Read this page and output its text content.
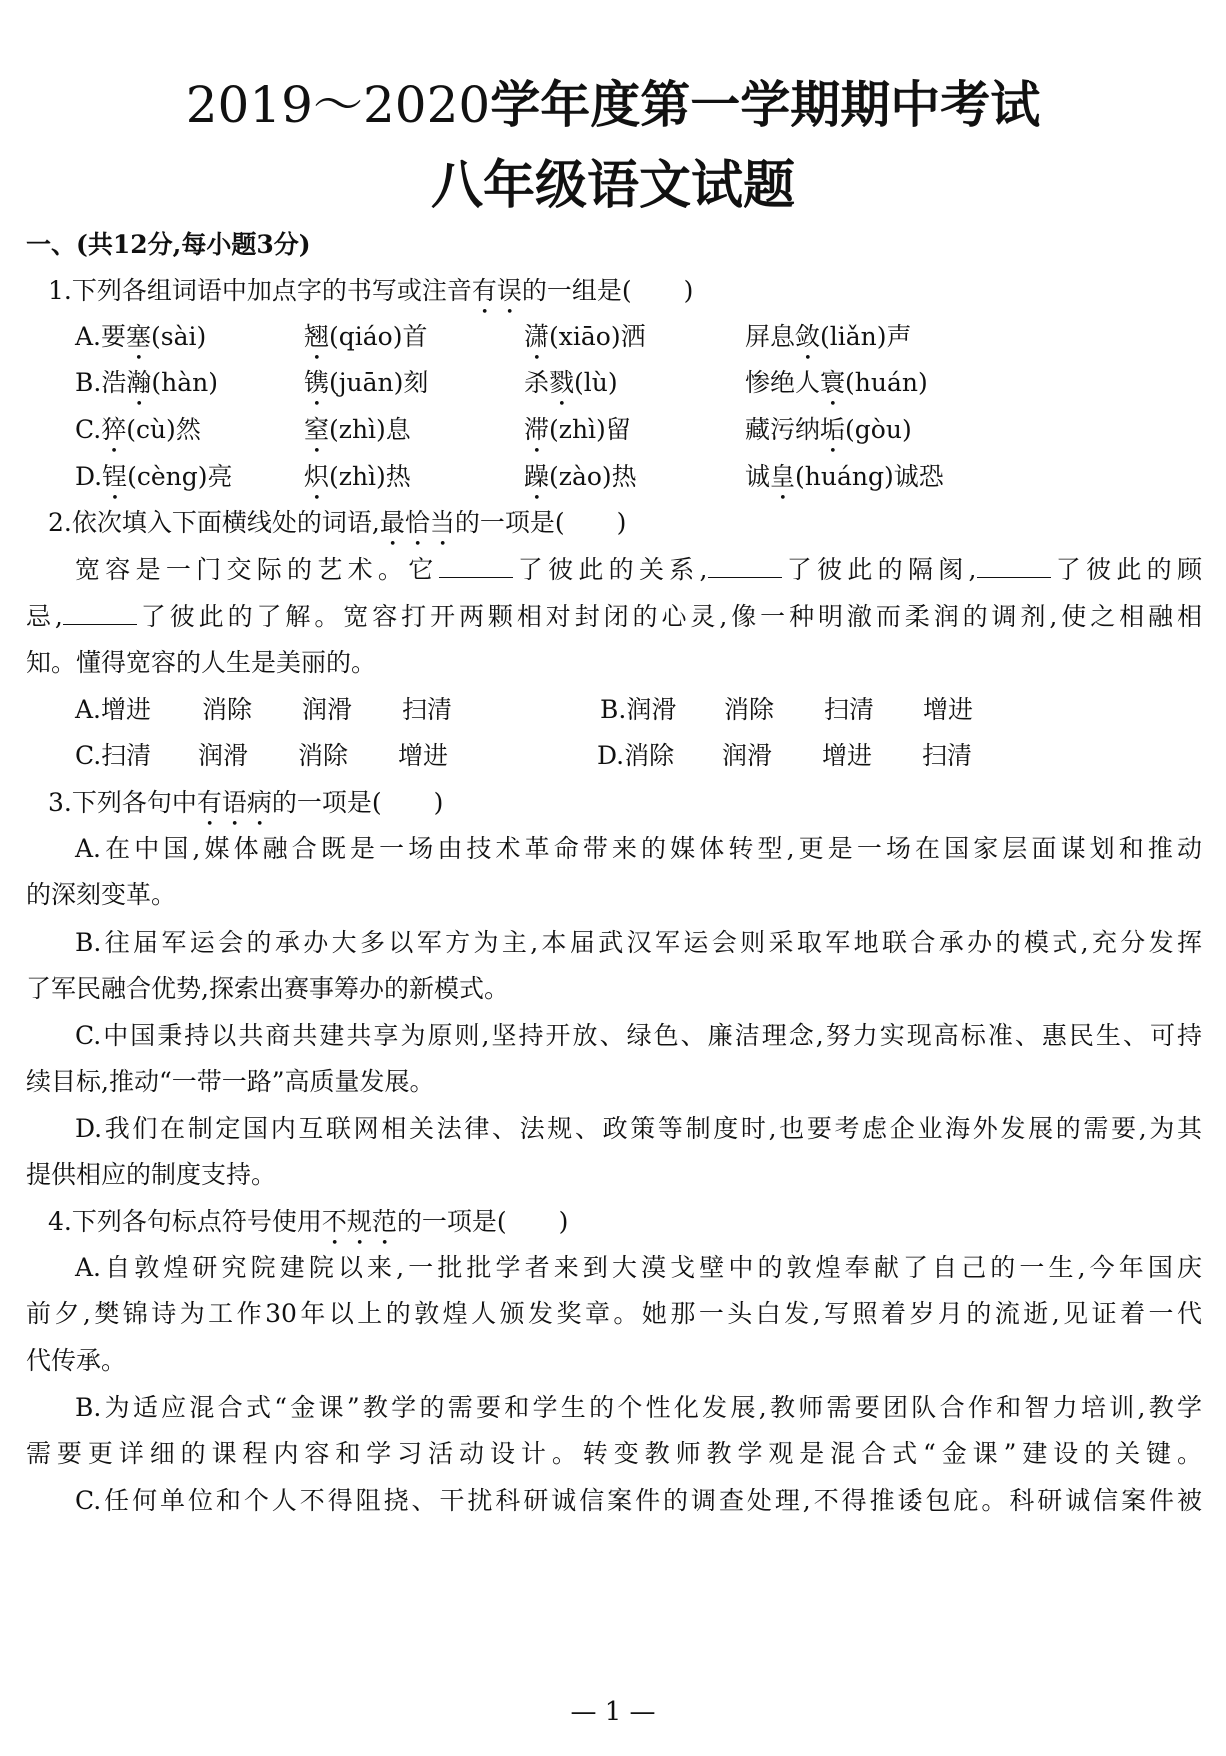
2019～2020学年度第一学期期中考试
八年级语文试题
一、(共12分,每小题3分)
1.下列各组词语中加点字的书写或注音有误的一组是( )
A.要塞(sài)	翘(qiáo)首	潇(xiāo)洒	屏息敛(liǎn)声
B.浩瀚(hàn)	镌(juān)刻	杀戮(lù)	惨绝人寰(huán)
C.猝(cù)然	窒(zhì)息	滞(zhì)留	藏污纳垢(gòu)
D.锃(cèng)亮	炽(zhì)热	躁(zào)热	诚皇(huáng)诚恐
2.依次填入下面横线处的词语,最恰当的一项是( )
宽容是一门交际的艺术。它	了彼此的关系,	了彼此的隔阂,	了彼此的顾
忌,	了彼此的了解。宽容打开两颗相对封闭的心灵,像一种明澈而柔润的调剂,使之相融相
知。懂得宽容的人生是美丽的。
A.增进 消除 润滑 扫清	B.润滑 消除 扫清 增进
C.扫清 润滑 消除 增进	D.消除 润滑 增进 扫清
3.下列各句中有语病的一项是( )
A.在中国,媒体融合既是一场由技术革命带来的媒体转型,更是一场在国家层面谋划和推动
的深刻变革。
B.往届军运会的承办大多以军方为主,本届武汉军运会则采取军地联合承办的模式,充分发挥
了军民融合优势,探索出赛事筹办的新模式。
C.中国秉持以共商共建共享为原则,坚持开放、绿色、廉洁理念,努力实现高标准、惠民生、可持
续目标,推动“一带一路”高质量发展。
D.我们在制定国内互联网相关法律、法规、政策等制度时,也要考虑企业海外发展的需要,为其
提供相应的制度支持。
4.下列各句标点符号使用不规范的一项是( )
A.自敦煌研究院建院以来,一批批学者来到大漠戈壁中的敦煌奉献了自己的一生,今年国庆
前夕,樊锦诗为工作30年以上的敦煌人颁发奖章。她那一头白发,写照着岁月的流逝,见证着一代
代传承。
B.为适应混合式“金课”教学的需要和学生的个性化发展,教师需要团队合作和智力培训,教学
需要更详细的课程内容和学习活动设计。转变教师教学观是混合式“金课”建设的关键。
C.任何单位和个人不得阻挠、干扰科研诚信案件的调查处理,不得推诿包庇。科研诚信案件被
— 1 —
